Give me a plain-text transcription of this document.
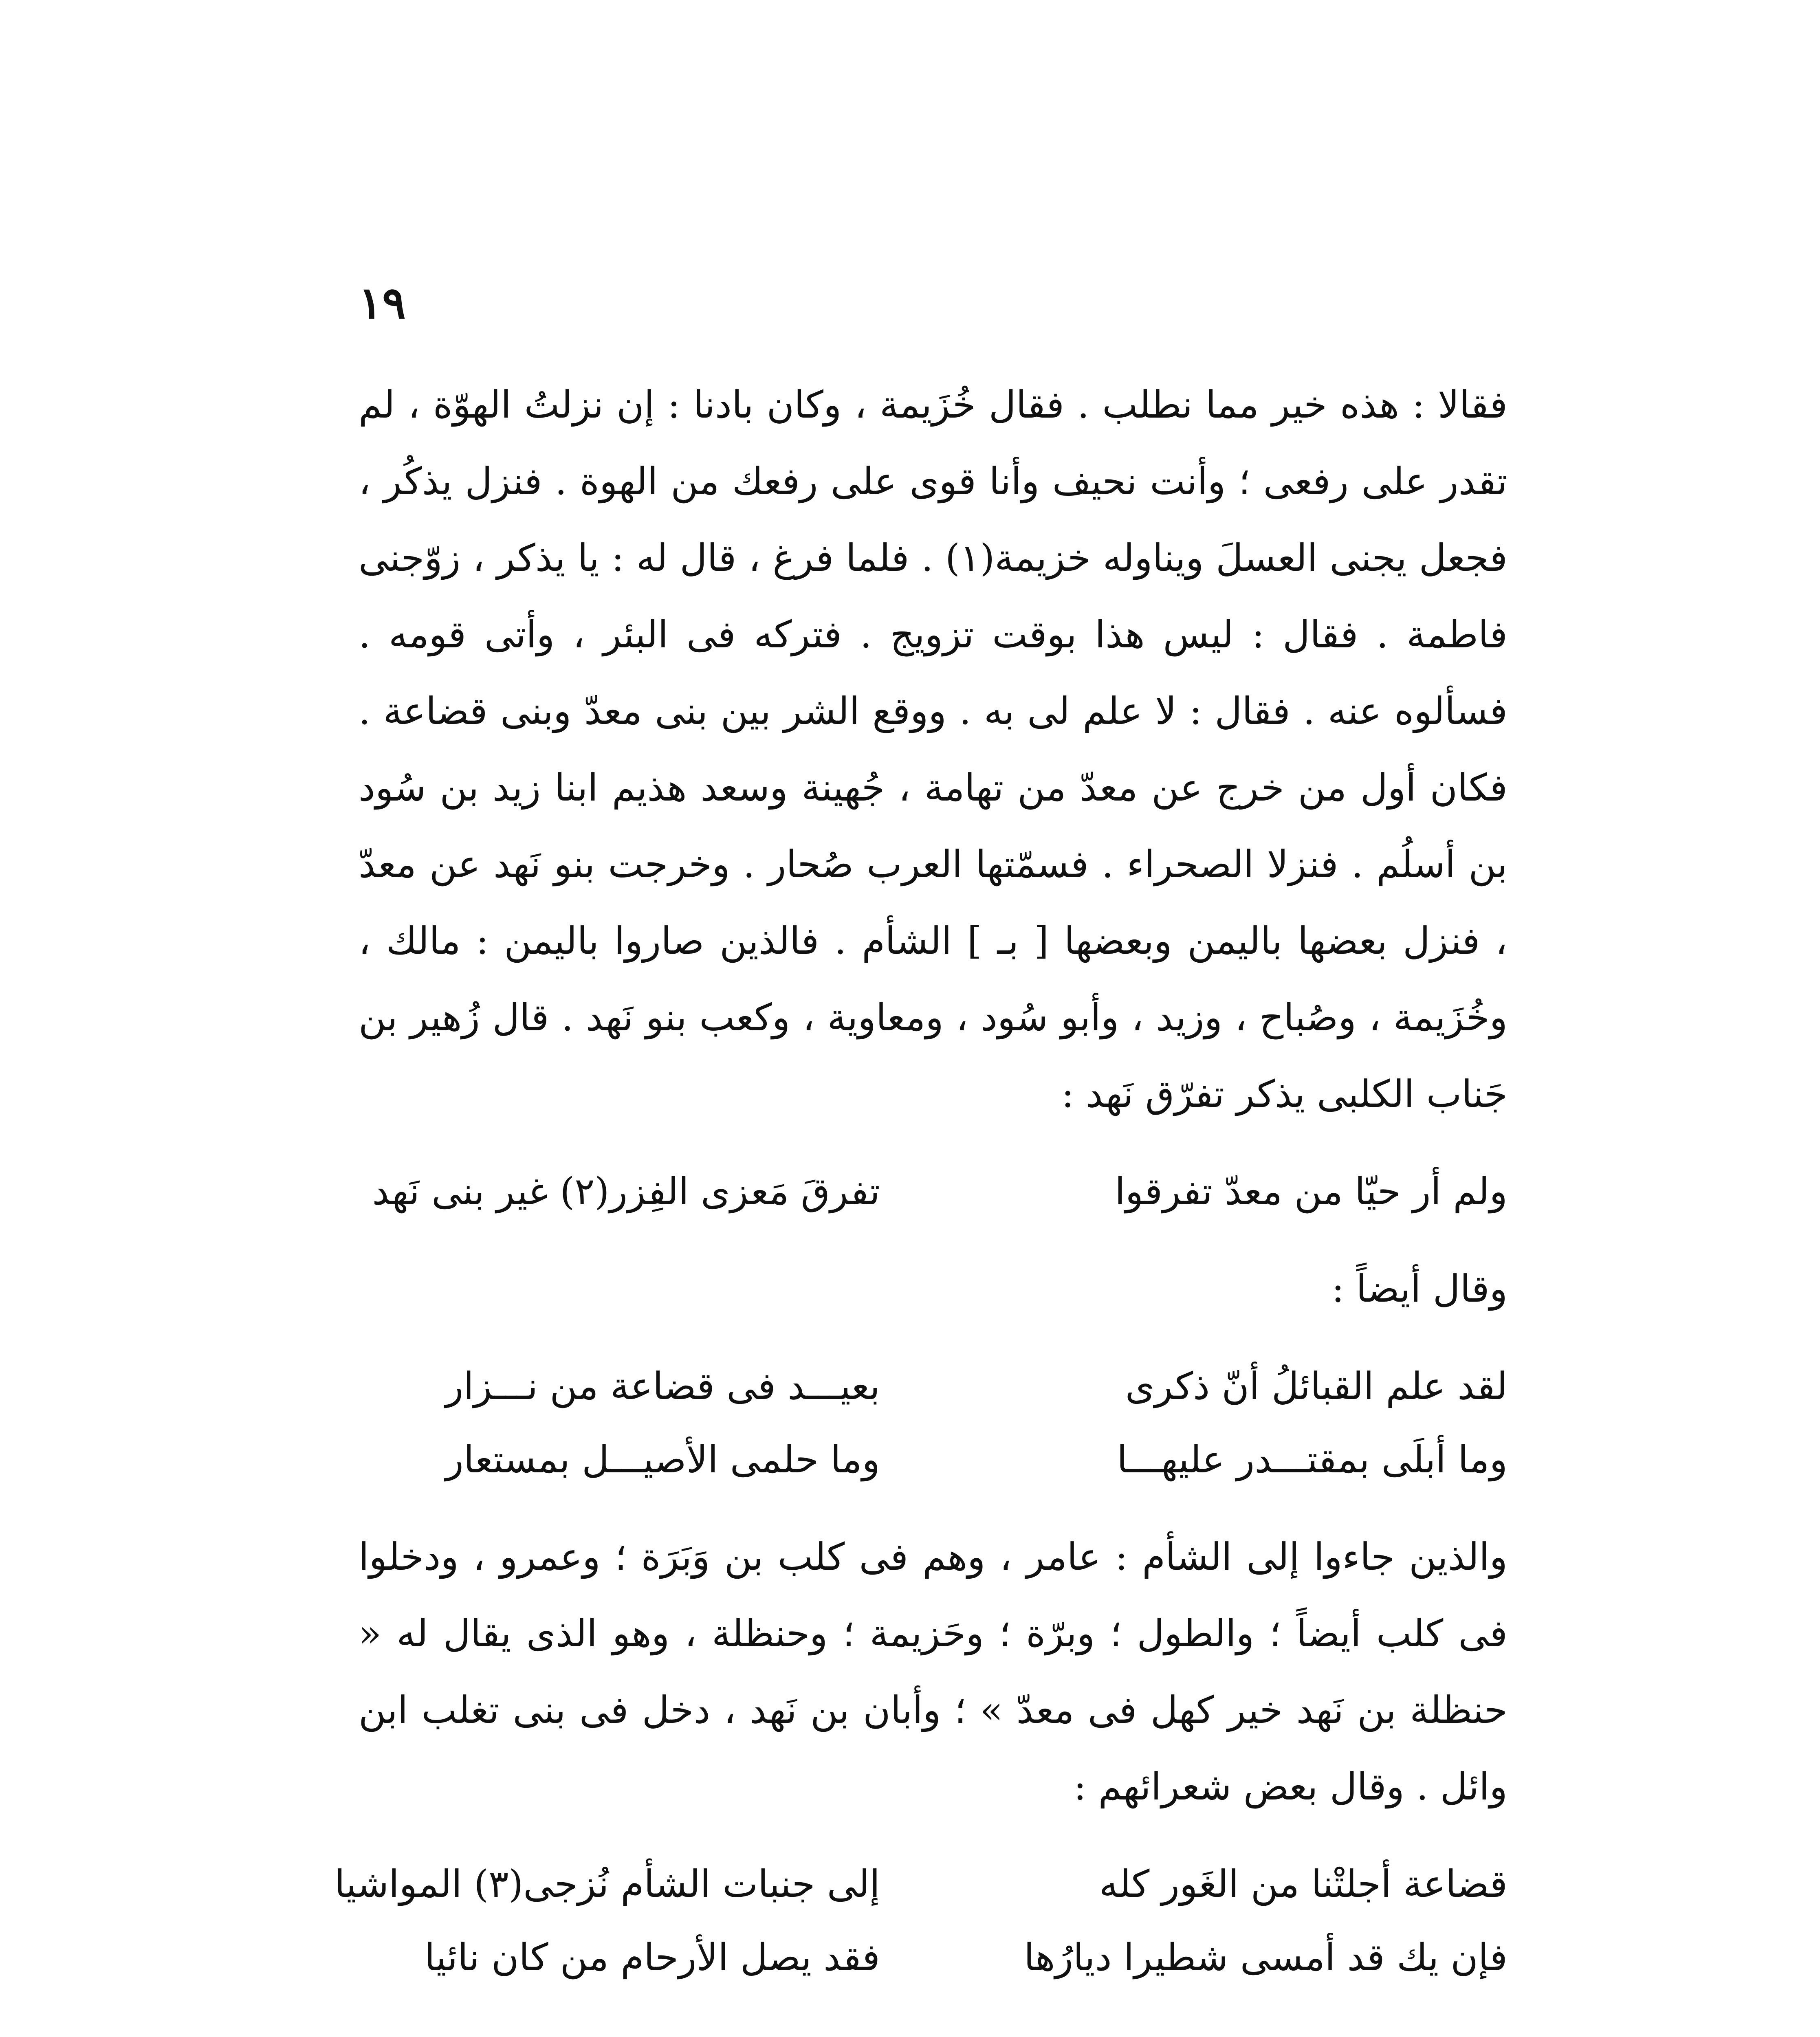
١٩

فقالا : هذه خير مما نطلب . فقال خُزَيمة ، وكان بادنا : إن نزلتُ الهوّة ، لم تقدر على رفعى ؛ وأنت نحيف وأنا قوى على رفعك من الهوة . فنزل يذكُر ، فجعل يجنى العسلَ ويناوله خزيمة(١) . فلما فرغ ، قال له : يا يذكر ، زوّجنى فاطمة . فقال : ليس هذا بوقت تزويج . فتركه فى البئر ، وأتى قومه . فسألوه عنه . فقال : لا علم لى به . ووقع الشر بين بنى معدّ وبنى قضاعة . فكان أول من خرج عن معدّ من تهامة ، جُهينة وسعد هذيم ابنا زيد بن سُود بن أسلُم . فنزلا الصحراء . فسمّتها العرب صُحار . وخرجت بنو نَهد عن معدّ ، فنزل بعضها باليمن وبعضها [ بـ ] الشأم . فالذين صاروا باليمن : مالك ، وخُزَيمة ، وصُباح ، وزيد ، وأبو سُود ، ومعاوية ، وكعب بنو نَهد . قال زُهير بن جَناب الكلبى يذكر تفرّق نَهد :

ولم أر حيّا من معدّ تفرقوا
تفرقَ مَعزى الفِزر(٢) غير بنى نَهد

وقال أيضاً :

لقد علم القبائلُ أنّ ذكرى
بعيـــد فى قضاعة من نـــزار
وما أبلَى بمقتـــدر عليهـــا
وما حلمى الأصيـــل بمستعار

والذين جاءوا إلى الشأم : عامر ، وهم فى كلب بن وَبَرَة ؛ وعمرو ، ودخلوا فى كلب أيضاً ؛ والطول ؛ وبرّة ؛ وحَزيمة ؛ وحنظلة ، وهو الذى يقال له « حنظلة بن نَهد خير كهل فى معدّ » ؛ وأبان بن نَهد ، دخل فى بنى تغلب ابن وائل . وقال بعض شعرائهم :

قضاعة أجلتْنا من الغَور كله
إلى جنبات الشأم نُزجى(٣) المواشيا
فإن يك قد أمسى شطيرا ديارُها
فقد يصل الأرحام من كان نائيا
